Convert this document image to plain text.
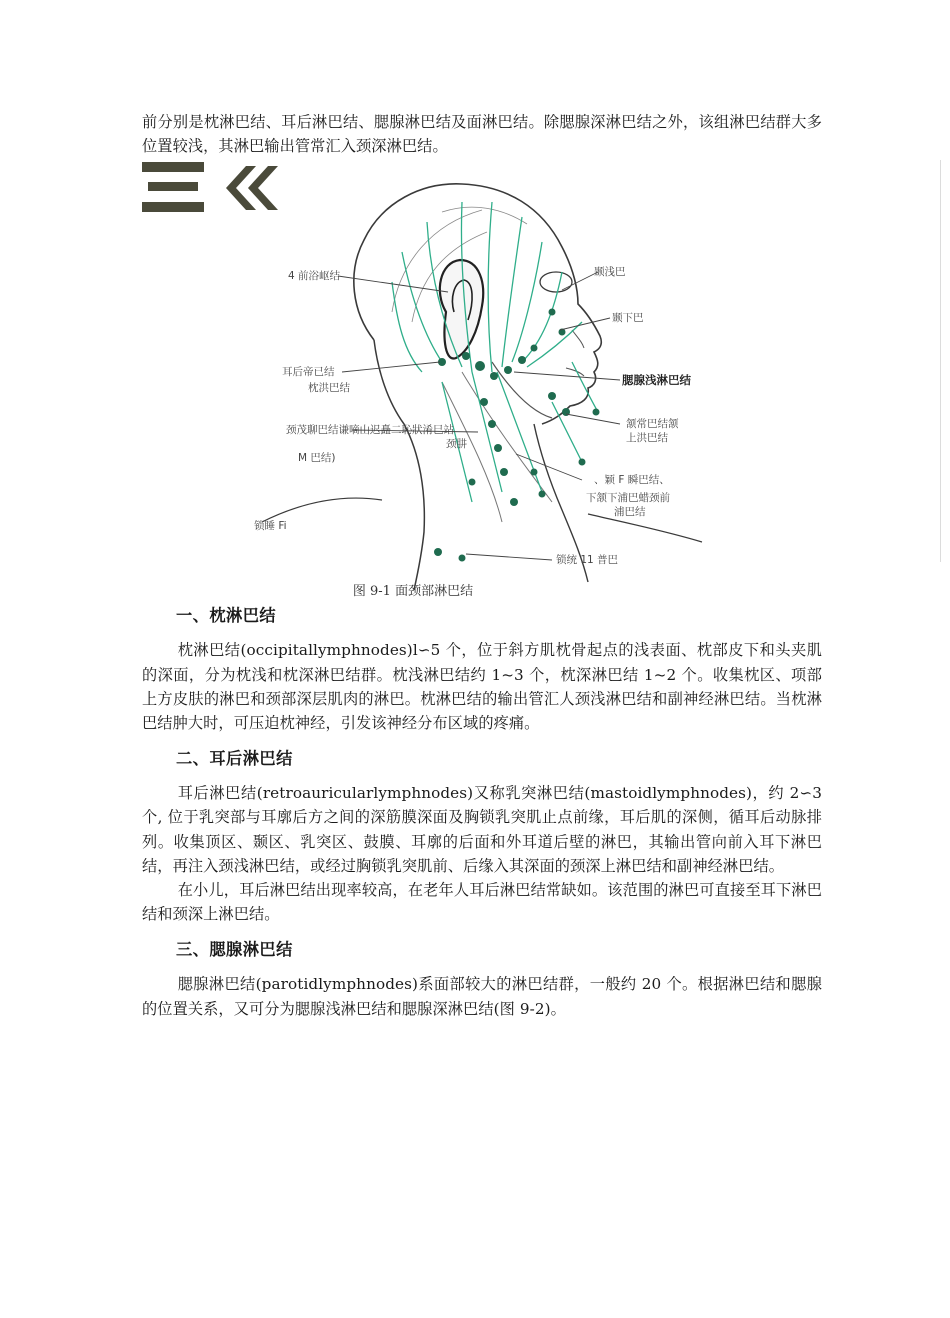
前分别是枕淋巴结、耳后淋巴结、腮腺淋巴结及面淋巴结。除腮腺深淋巴结之外，该组淋巴结群大多位置较浅，其淋巴输出管常汇入颈深淋巴结。

4 前浴岖结
耳后帝已结
枕洪巴结
颈茂聊巴结谦嘀山迟矗二恥狀淆巳站
M 巴结)
颈肼
锁睡 Fi
颞浅巴
颞下巴
腮腺浅淋巴结
颔常巴结颔
上洪巴结
、颖 F 瞬巴结、
下颔下浦巴蜡颈前
浦巴结
锁统 11 普巴
图 9-1 面颈部淋巴结
一、枕淋巴结

枕淋巴结(occipitallymphnodes)l∽5 个，位于斜方肌枕骨起点的浅表面、枕部皮下和头夹肌的深面，分为枕浅和枕深淋巴结群。枕浅淋巴结约 1~3 个，枕深淋巴结 1~2 个。收集枕区、项部上方皮肤的淋巴和颈部深层肌肉的淋巴。枕淋巴结的输出管汇人颈浅淋巴结和副神经淋巴结。当枕淋巴结肿大时，可压迫枕神经，引发该神经分布区域的疼痛。

二、耳后淋巴结

耳后淋巴结(retroauricularlymphnodes)又称乳突淋巴结(mastoidlymphnodes)，约 2∽3 个, 位于乳突部与耳廓后方之间的深筋膜深面及胸锁乳突肌止点前缘，耳后肌的深侧，循耳后动脉排列。收集顶区、颞区、乳突区、鼓膜、耳廓的后面和外耳道后壁的淋巴，其输出管向前入耳下淋巴结，再注入颈浅淋巴结，或经过胸锁乳突肌前、后缘入其深面的颈深上淋巴结和副神经淋巴结。

在小儿，耳后淋巴结出现率较高，在老年人耳后淋巴结常缺如。该范围的淋巴可直接至耳下淋巴结和颈深上淋巴结。

三、腮腺淋巴结

腮腺淋巴结(parotidlymphnodes)系面部较大的淋巴结群，一般约 20 个。根据淋巴结和腮腺的位置关系，又可分为腮腺浅淋巴结和腮腺深淋巴结(图 9-2)。
